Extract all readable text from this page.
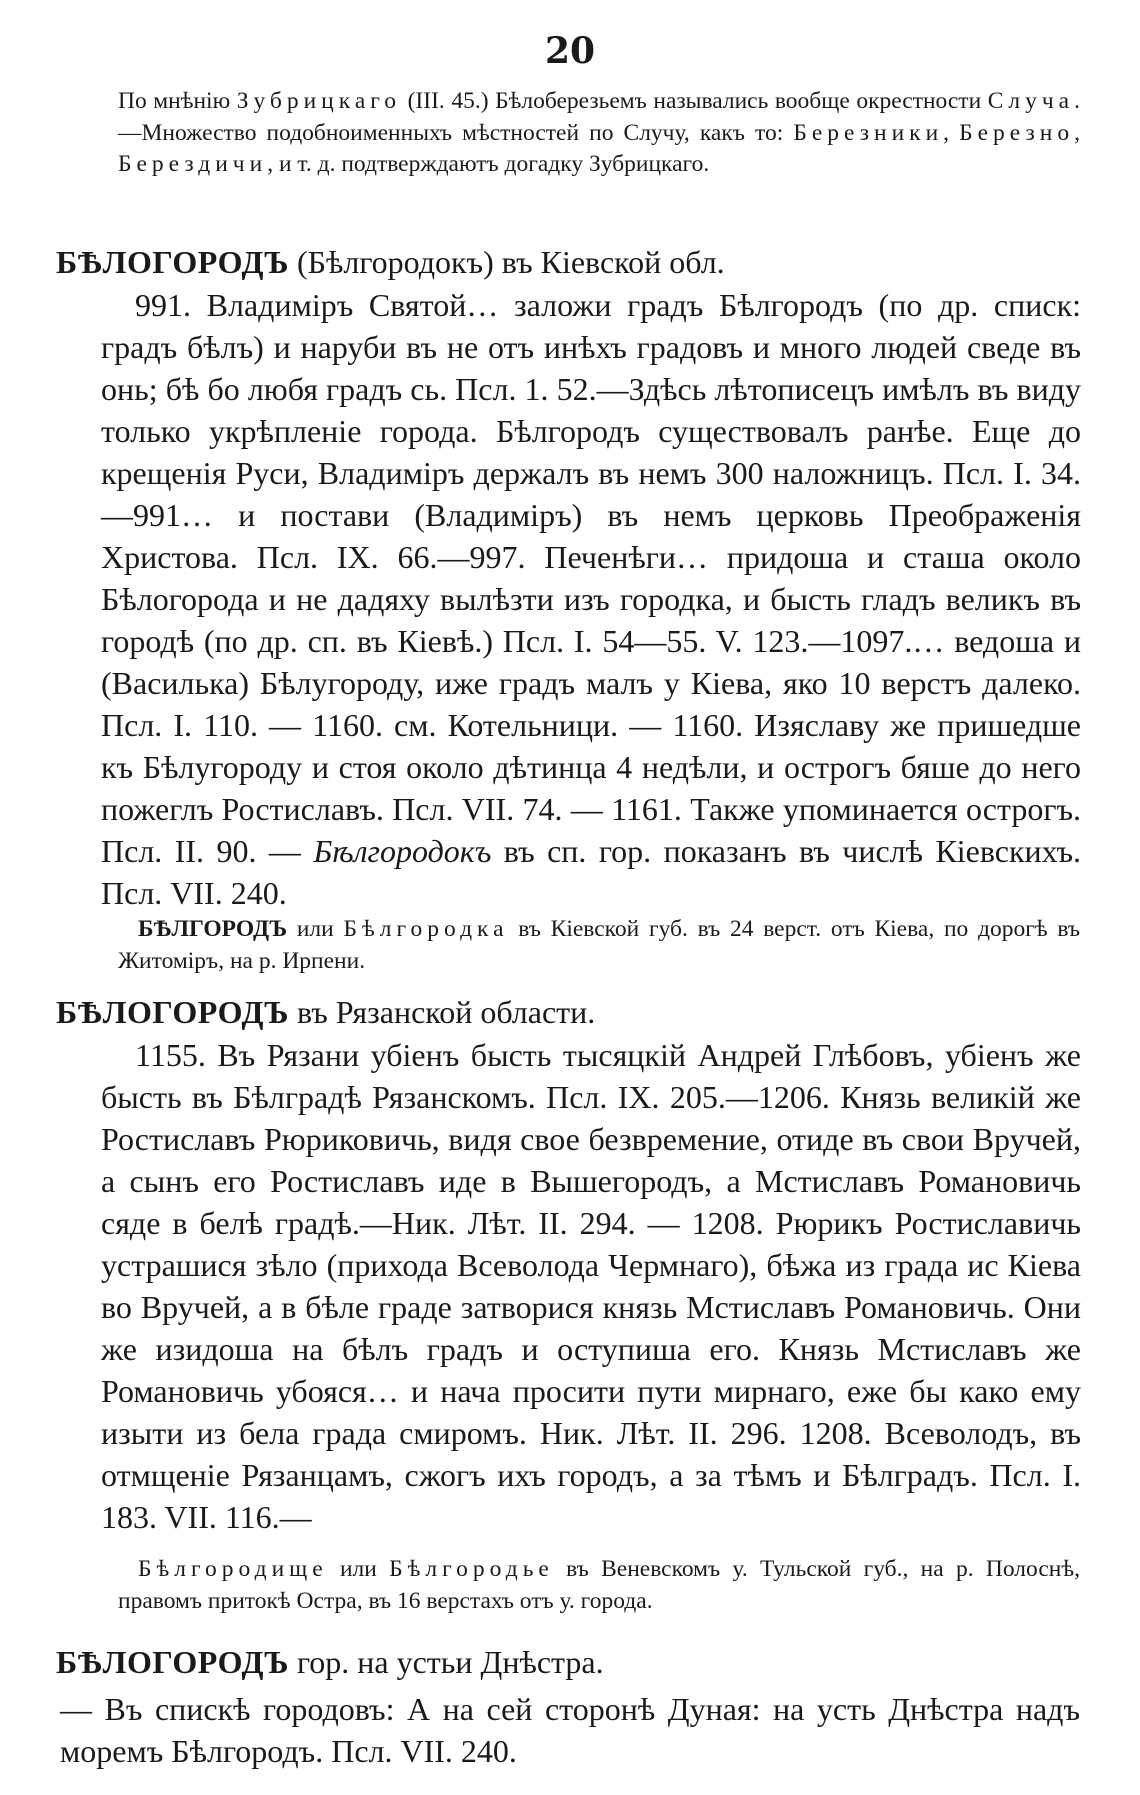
20
По мнѣнію Зубрицкаго (III. 45.) Бѣлоберезьемъ назывались вообще окрестности Случа. —Множество подобноименныхъ мѣстностей по Случу, какъ то: Березники, Березно, Берездичи, и т. д. подтверждаютъ догадку Зубрицкаго.
БѢЛОГОРОДЪ (Бѣлгородокъ) въ Кіевской обл.
991. Владиміръ Святой… заложи градъ Бѣлгородъ (по др. списк: градъ бѣлъ) и наруби въ не отъ инѣхъ градовъ и много людей сведе въ онь; бѣ бо любя градъ сь. Псл. 1. 52.—Здѣсь лѣтописецъ имѣлъ въ виду только укрѣпленіе города. Бѣлгородъ существовалъ ранѣе. Еще до крещенія Руси, Владиміръ держалъ въ немъ 300 наложницъ. Псл. I. 34.—991… и постави (Владиміръ) въ немъ церковь Преображенія Христова. Псл. IX. 66.—997. Печенѣги… придоша и сташа около Бѣлогорода и не дадяху вылѣзти изъ городка, и бысть гладъ великъ въ городѣ (по др. сп. въ Кіевѣ.) Псл. I. 54—55. V. 123.—1097.… ведоша и (Василька) Бѣлугороду, иже градъ малъ у Кіева, яко 10 верстъ далеко. Псл. I. 110. — 1160. см. Котельници. — 1160. Изяславу же пришедше къ Бѣлугороду и стоя около дѣтинца 4 недѣли, и острогъ бяше до него пожеглъ Ростиславъ. Псл. VII. 74. — 1161. Также упоминается острогъ. Псл. II. 90. — Бѣлгородокъ въ сп. гор. показанъ въ числѣ Кіевскихъ. Псл. VII. 240.
БѢЛГОРОДЪ или Бѣлгородка въ Кіевской губ. въ 24 верст. отъ Кіева, по дорогѣ въ Житоміръ, на р. Ирпени.
БѢЛОГОРОДЪ въ Рязанской области.
1155. Въ Рязани убіенъ бысть тысяцкій Андрей Глѣбовъ, убіенъ же бысть въ Бѣлградѣ Рязанскомъ. Псл. IX. 205.—1206. Князь великій же Ростиславъ Рюриковичь, видя свое безвремение, отиде въ свои Вручей, а сынъ его Ростиславъ иде в Вышегородъ, а Мстиславъ Романовичь сяде в белѣ градѣ.—Ник. Лѣт. II. 294. — 1208. Рюрикъ Ростиславичь устрашися зѣло (прихода Всеволода Чермнаго), бѣжа из града ис Кіева во Вручей, а в бѣле граде затворися князь Мстиславъ Романовичь. Они же изидоша на бѣлъ градъ и оступиша его. Князь Мстиславъ же Романовичь убояся… и нача просити пути мирнаго, еже бы како ему изыти из бела града смиромъ. Ник. Лѣт. II. 296. 1208. Всеволодъ, въ отмщеніе Рязанцамъ, сжогъ ихъ городъ, а за тѣмъ и Бѣлградъ. Псл. I. 183. VII. 116.—
Бѣлгородище или Бѣлгородье въ Веневскомъ у. Тульской губ., на р. Полоснѣ, правомъ притокѣ Остра, въ 16 верстахъ отъ у. города.
БѢЛОГОРОДЪ гор. на устьи Днѣстра.
— Въ спискѣ городовъ: А на сей сторонѣ Дуная: на усть Днѣстра надъ моремъ Бѣлгородъ. Псл. VII. 240.
